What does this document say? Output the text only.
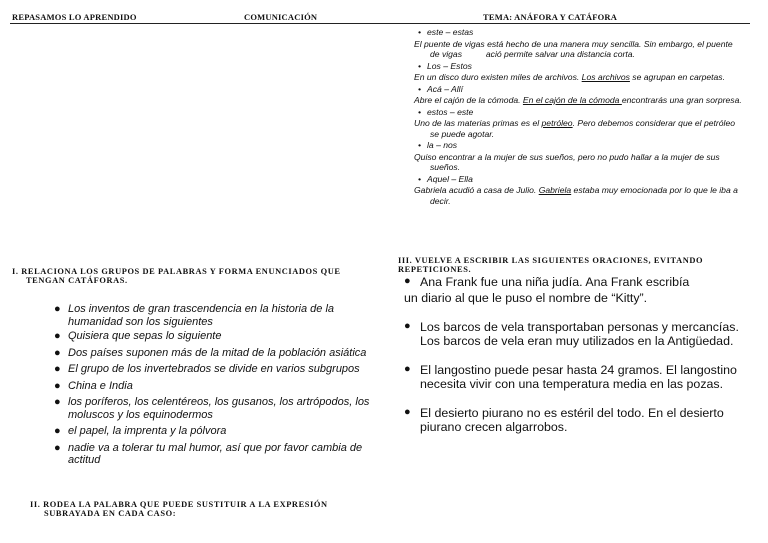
REPASAMOS LO APRENDIDO	COMUNICACIÓN	TEMA: ANÁFORA Y CATÁFORA
• este – estas
El puente de vigas está hecho de una manera muy sencilla. Sin embargo, el puente
de vigas          ació permite salvar una distancia corta.
• Los – Estos
En un disco duro existen miles de archivos. Los archivos se agrupan en carpetas.
• Acá – Allí
Abre el cajón de la cómoda. En el cajón de la cómoda encontrarás una gran sorpresa.
• estos – este
Uno de las materias primas es el petróleo. Pero debemos considerar que el petróleo
se puede agotar.
• la – nos
Quiso encontrar a la mujer de sus sueños, pero no pudo hallar a la mujer de sus
sueños.
• Aquel – Ella
Gabriela acudió a casa de Julio. Gabriela estaba muy emocionada por lo que le iba a
decir.
I. RELACIONA LOS GRUPOS DE PALABRAS Y FORMA ENUNCIADOS QUE
TENGAN CATÁFORAS.
● Los inventos de gran trascendencia en la historia de la humanidad son los siguientes
● Quisiera que sepas lo siguiente
● Dos países suponen más de la mitad de la población asiática
● El grupo de los invertebrados se divide en varios subgrupos
● China e India
● los poríferos, los celentéreos, los gusanos, los artrópodos, los moluscos y los equinodermos
● el papel, la imprenta y la pólvora
● nadie va a tolerar tu mal humor, así que por favor cambia de actitud
II. RODEA LA PALABRA QUE PUEDE SUSTITUIR A LA EXPRESIÓN
SUBRAYADA EN CADA CASO:
III. VUELVE A ESCRIBIR LAS SIGUIENTES ORACIONES, EVITANDO
REPETICIONES.
● Ana Frank fue una niña judía. Ana Frank escribía
un diario al que le puso el nombre de “Kitty”.
● Los barcos de vela transportaban personas y mercancías. Los barcos de vela eran muy utilizados en la Antigüedad.
● El langostino puede pesar hasta 24 gramos. El langostino necesita vivir con una temperatura media en las pozas.
● El desierto piurano no es estéril del todo. En el desierto piurano crecen algarrobos.
